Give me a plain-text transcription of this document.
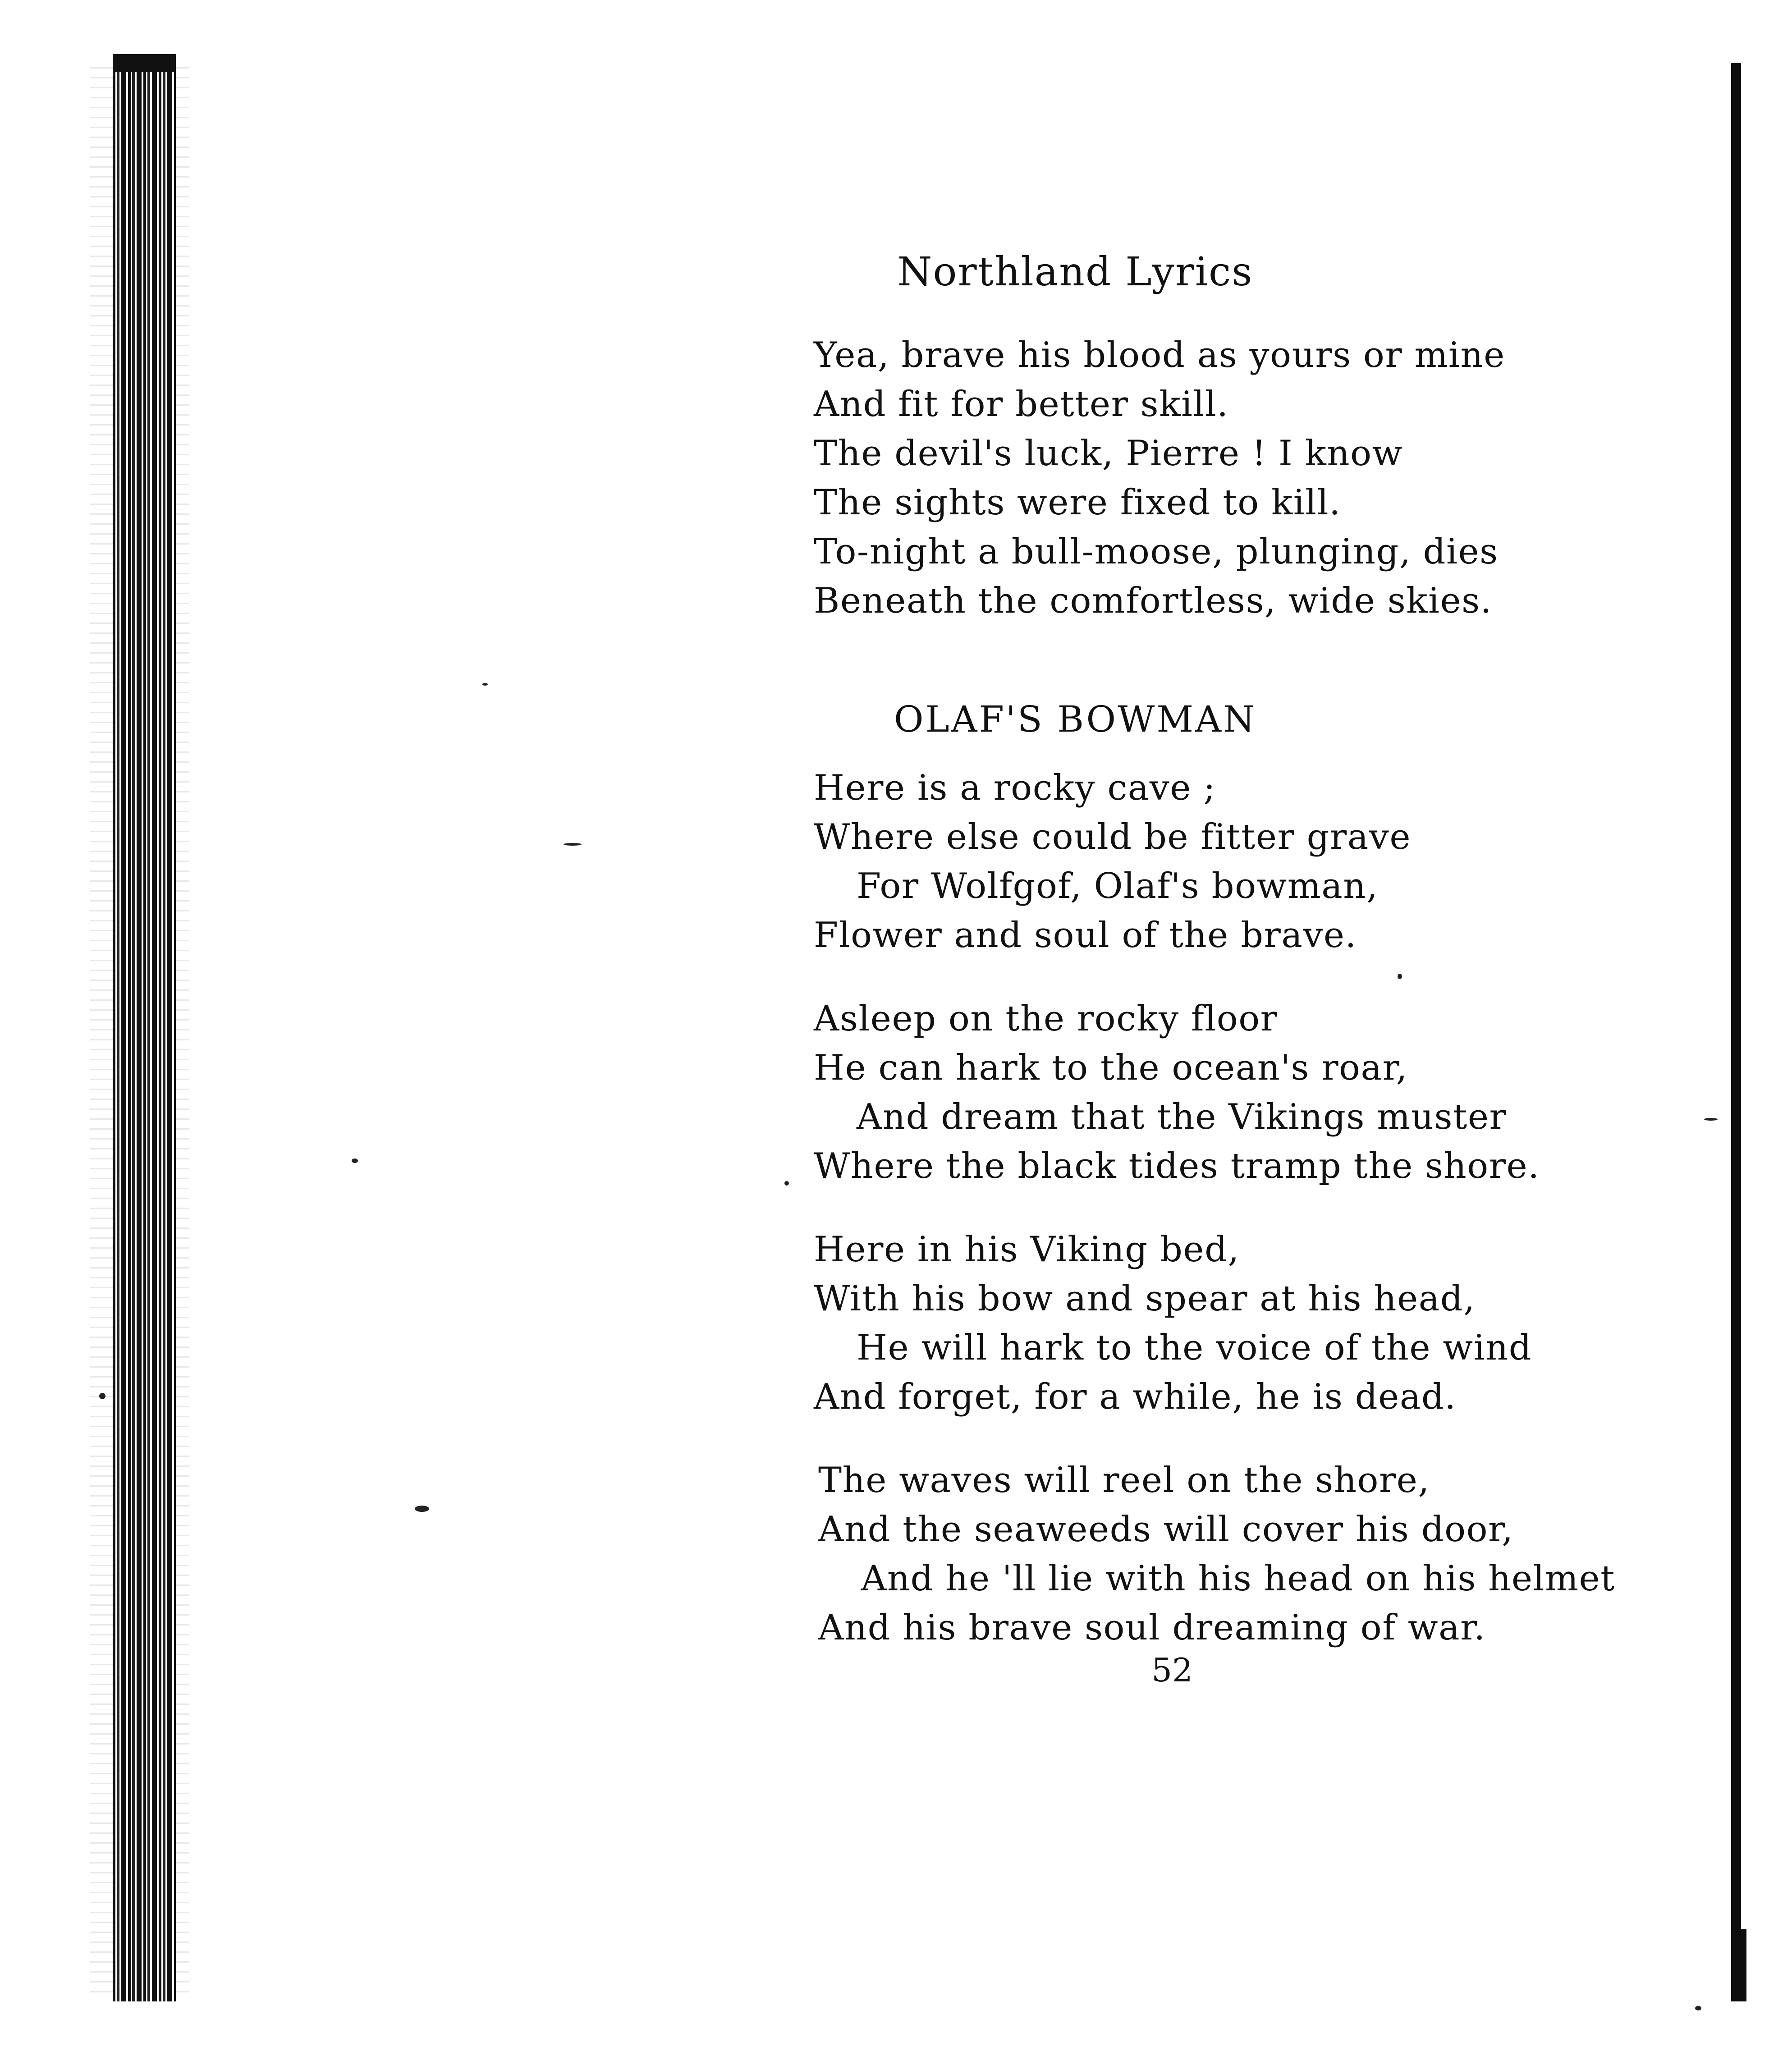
Northland Lyrics
Yea, brave his blood as yours or mine
And fit for better skill.
The devil's luck, Pierre ! I know
The sights were fixed to kill.
To-night a bull-moose, plunging, dies
Beneath the comfortless, wide skies.
OLAF'S BOWMAN
Here is a rocky cave ;
Where else could be fitter grave
For Wolfgof, Olaf's bowman,
Flower and soul of the brave.
Asleep on the rocky floor
He can hark to the ocean's roar,
And dream that the Vikings muster
Where the black tides tramp the shore.
Here in his Viking bed,
With his bow and spear at his head,
He will hark to the voice of the wind
And forget, for a while, he is dead.
The waves will reel on the shore,
And the seaweeds will cover his door,
And he 'll lie with his head on his helmet
And his brave soul dreaming of war.
52
